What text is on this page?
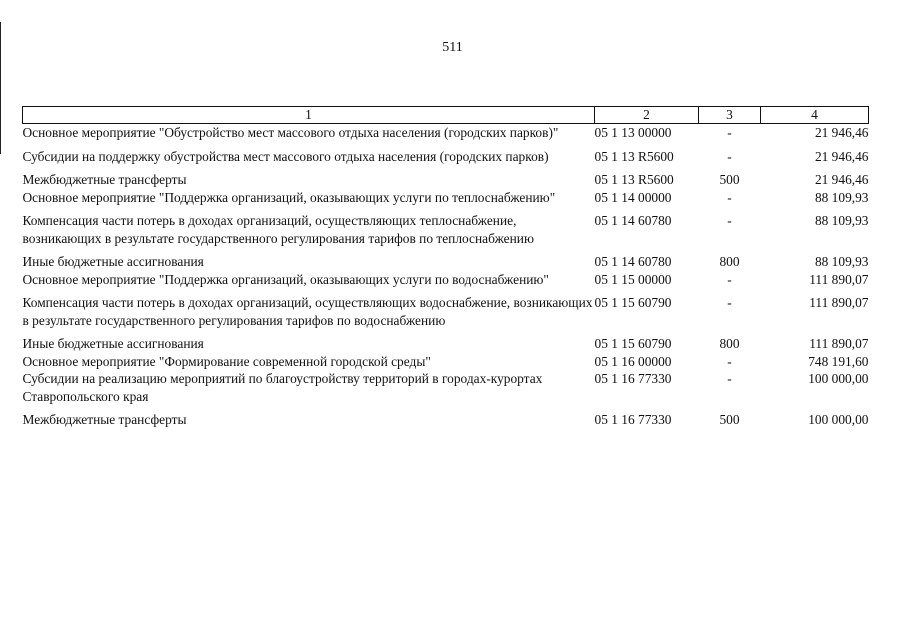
511
1	2	3	4
Основное мероприятие "Обустройство мест массового отдыха населения (городских парков)"	05 1 13 00000	-	21 946,46
Субсидии на поддержку обустройства мест массового отдыха населения (городских парков)	05 1 13 R5600	-	21 946,46
Межбюджетные трансферты	05 1 13 R5600	500	21 946,46
Основное мероприятие "Поддержка организаций, оказывающих услуги по теплоснабжению"	05 1 14 00000	-	88 109,93
Компенсация части потерь в доходах организаций, осуществляющих теплоснабжение, возникающих в результате государственного регулирования тарифов по теплоснабжению	05 1 14 60780	-	88 109,93
Иные бюджетные ассигнования	05 1 14 60780	800	88 109,93
Основное мероприятие "Поддержка организаций, оказывающих услуги по водоснабжению"	05 1 15 00000	-	111 890,07
Компенсация части потерь в доходах организаций, осуществляющих водоснабжение, возникающих в результате государственного регулирования тарифов по водоснабжению	05 1 15 60790	-	111 890,07
Иные бюджетные ассигнования	05 1 15 60790	800	111 890,07
Основное мероприятие "Формирование современной городской среды"	05 1 16 00000	-	748 191,60
Субсидии на реализацию мероприятий по благоустройству территорий в городах-курортах Ставропольского края	05 1 16 77330	-	100 000,00
Межбюджетные трансферты	05 1 16 77330	500	100 000,00
